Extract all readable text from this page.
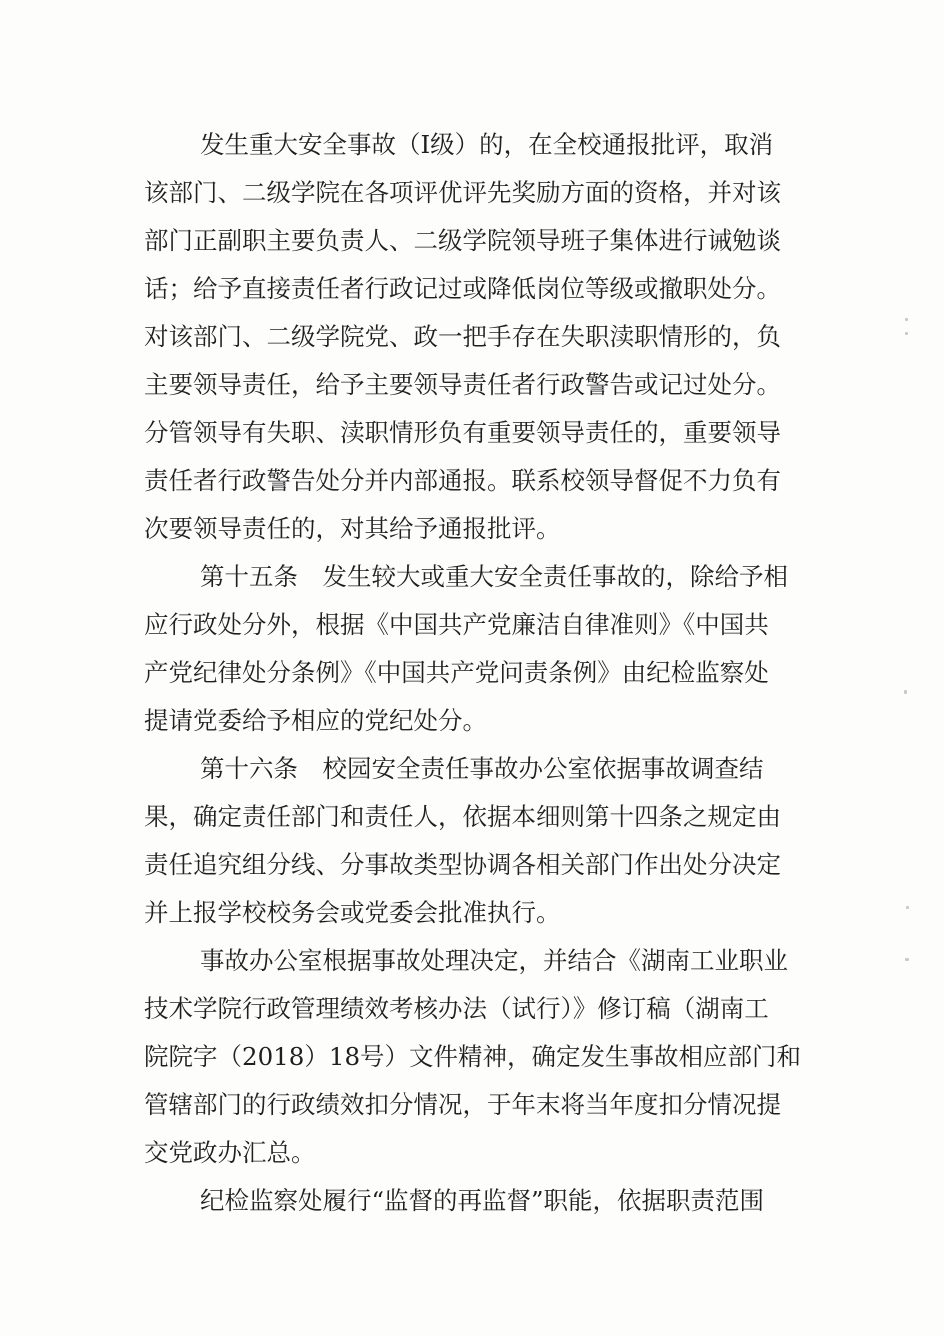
发生重大安全事故（Ⅰ级）的，在全校通报批评，取消
该部门、二级学院在各项评优评先奖励方面的资格，并对该
部门正副职主要负责人、二级学院领导班子集体进行诫勉谈
话；给予直接责任者行政记过或降低岗位等级或撤职处分。
对该部门、二级学院党、政一把手存在失职渎职情形的，负
主要领导责任，给予主要领导责任者行政警告或记过处分。
分管领导有失职、渎职情形负有重要领导责任的，重要领导
责任者行政警告处分并内部通报。联系校领导督促不力负有
次要领导责任的，对其给予通报批评。
第十五条　发生较大或重大安全责任事故的，除给予相
应行政处分外，根据《中国共产党廉洁自律准则》《中国共
产党纪律处分条例》《中国共产党问责条例》由纪检监察处
提请党委给予相应的党纪处分。
第十六条　校园安全责任事故办公室依据事故调查结
果，确定责任部门和责任人，依据本细则第十四条之规定由
责任追究组分线、分事故类型协调各相关部门作出处分决定
并上报学校校务会或党委会批准执行。
事故办公室根据事故处理决定，并结合《湖南工业职业
技术学院行政管理绩效考核办法（试行）》修订稿（湖南工
院院字（2018）18号）文件精神，确定发生事故相应部门和
管辖部门的行政绩效扣分情况，于年末将当年度扣分情况提
交党政办汇总。
纪检监察处履行“监督的再监督”职能，依据职责范围
